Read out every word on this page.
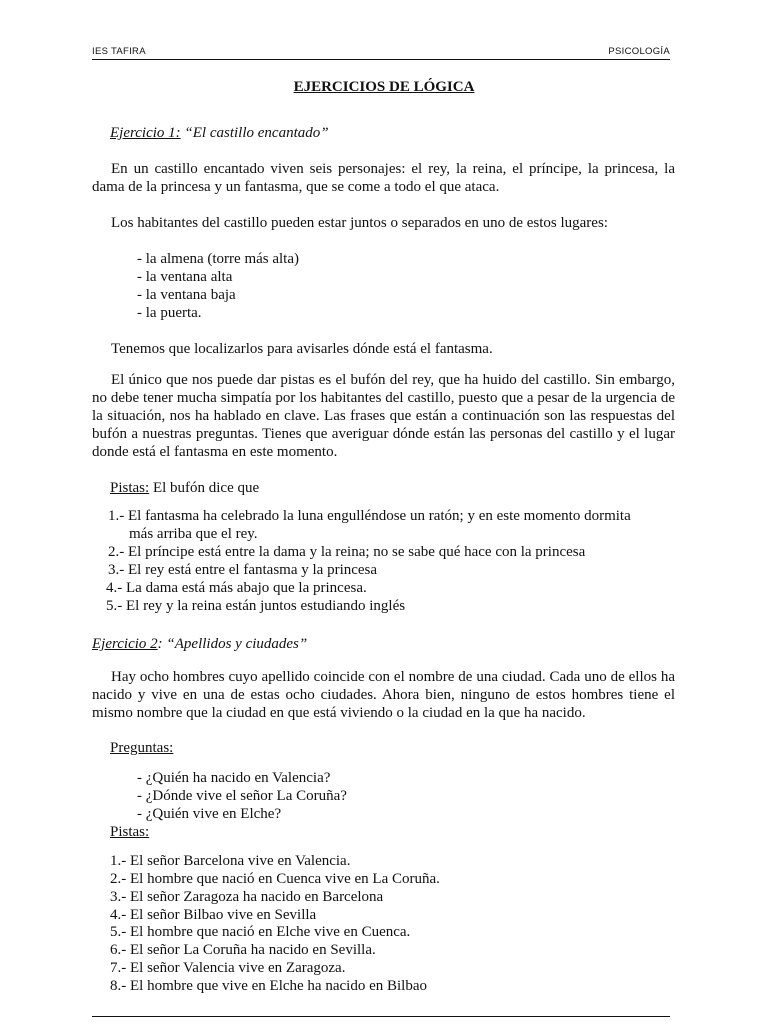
IES TAFIRA	PSICOLOGÍA
EJERCICIOS DE LÓGICA
Ejercicio 1: “El castillo encantado”
En un castillo encantado viven seis personajes: el rey, la reina, el príncipe, la princesa, la dama de la princesa y un fantasma, que se come a todo el que ataca.
Los habitantes del castillo pueden estar juntos o separados en uno de estos lugares:
- la almena (torre más alta)
- la ventana alta
- la ventana baja
- la puerta.
Tenemos que localizarlos para avisarles dónde está el fantasma.
El único que nos puede dar pistas es el bufón del rey, que ha huido del castillo. Sin embargo, no debe tener mucha simpatía por los habitantes del castillo, puesto que a pesar de la urgencia de la situación, nos ha hablado en clave. Las frases que están a continuación son las respuestas del bufón a nuestras preguntas. Tienes que averiguar dónde están las personas del castillo y el lugar donde está el fantasma en este momento.
Pistas: El bufón dice que
1.- El fantasma ha celebrado la luna engulléndose un ratón; y en este momento dormita
más arriba que el rey.
2.- El príncipe está entre la dama y la reina; no se sabe qué hace con la princesa
3.- El rey está entre el fantasma y la princesa
4.- La dama está más abajo que la princesa.
5.- El rey y la reina están juntos estudiando inglés
Ejercicio 2: “Apellidos y ciudades”
Hay ocho hombres cuyo apellido coincide con el nombre de una ciudad. Cada uno de ellos ha nacido y vive en una de estas ocho ciudades. Ahora bien, ninguno de estos hombres tiene el mismo nombre que la ciudad en que está viviendo o la ciudad en la que ha nacido.
Preguntas:
- ¿Quién ha nacido en Valencia?
- ¿Dónde vive el señor La Coruña?
- ¿Quién vive en Elche?
Pistas:
1.- El señor Barcelona vive en Valencia.
2.- El hombre que nació en Cuenca vive en La Coruña.
3.- El señor Zaragoza ha nacido en Barcelona
4.- El señor Bilbao vive en Sevilla
5.- El hombre que nació en Elche vive en Cuenca.
6.- El señor La Coruña ha nacido en Sevilla.
7.- El señor Valencia vive en Zaragoza.
8.- El hombre que vive en Elche ha nacido en Bilbao
